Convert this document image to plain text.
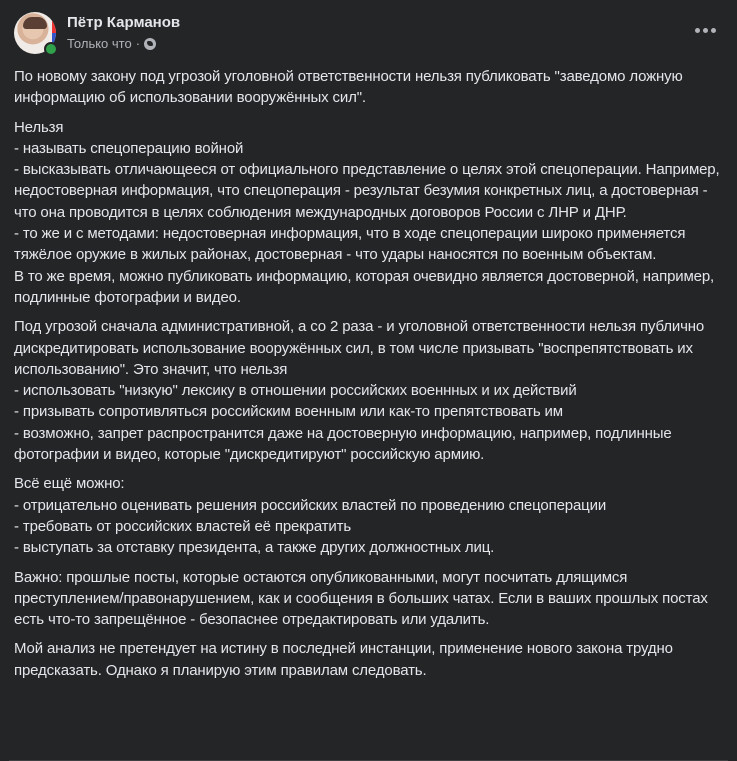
Пётр Карманов
Только что ·

По новому закону под угрозой уголовной ответственности нельзя публиковать "заведомо ложную информацию об использовании вооружённых сил".

Нельзя
- называть спецоперацию войной
- высказывать отличающееся от официального представление о целях этой спецоперации. Например, недостоверная информация, что спецоперация - результат безумия конкретных лиц, а достоверная - что она проводится в целях соблюдения международных договоров России с ЛНР и ДНР.
- то же и с методами: недостоверная информация, что в ходе спецоперации широко применяется тяжёлое оружие в жилых районах, достоверная - что удары наносятся по военным объектам.
В то же время, можно публиковать информацию, которая очевидно является достоверной, например, подлинные фотографии и видео.

Под угрозой сначала административной, а со 2 раза - и уголовной ответственности нельзя публично дискредитировать использование вооружённых сил, в том числе призывать "воспрепятствовать их использованию". Это значит, что нельзя
- использовать "низкую" лексику в отношении российских военнных и их действий
- призывать сопротивляться российским военным или как-то препятствовать им
- возможно, запрет распространится даже на достоверную информацию, например, подлинные фотографии и видео, которые "дискредитируют" российскую армию.

Всё ещё можно:
- отрицательно оценивать решения российских властей по проведению спецоперации
- требовать от российских властей её прекратить
- выступать за отставку президента, а также других должностных лиц.

Важно: прошлые посты, которые остаются опубликованными, могут посчитать длящимся преступлением/правонарушением, как и сообщения в больших чатах. Если в ваших прошлых постах есть что-то запрещённое - безопаснее отредактировать или удалить.

Мой анализ не претендует на истину в последней инстанции, применение нового закона трудно предсказать. Однако я планирую этим правилам следовать.
